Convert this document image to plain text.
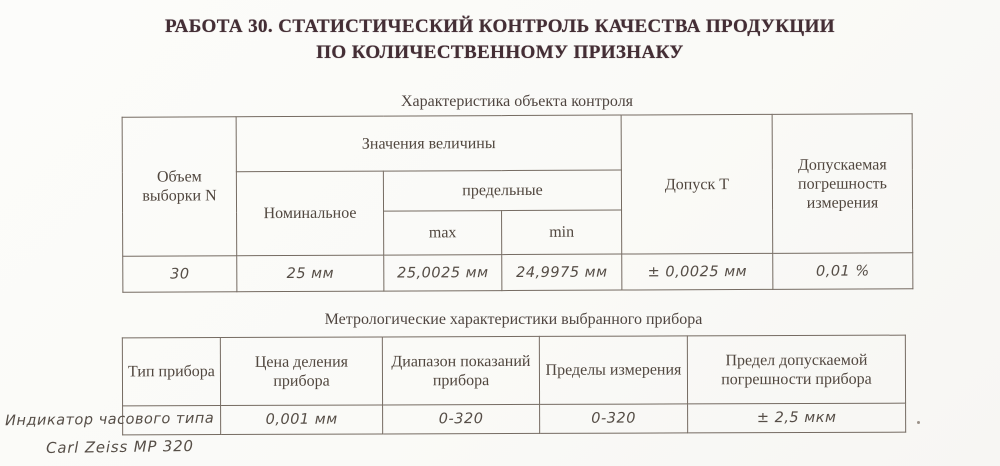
РАБОТА 30. СТАТИСТИЧЕСКИЙ КОНТРОЛЬ КАЧЕСТВА ПРОДУКЦИИ
ПО КОЛИЧЕСТВЕННОМУ ПРИЗНАКУ
Характеристика объекта контроля
Объем выборки N	Значения величины			Допуск Т	Допускаемая погрешность измерения
	Номинальное	предельные			
		max	min		
30	25 мм	25,0025 мм	24,9975 мм	± 0,0025 мм	0,01 %
Метрологические характеристики выбранного прибора
Тип прибора	Цена деления прибора	Диапазон показаний прибора	Пределы измерения	Предел допускаемой погрешности прибора

Индикатор часового типа	0,001 мм	0-320	0-320	± 2,5 мкм
Carl Zeiss MP 320
